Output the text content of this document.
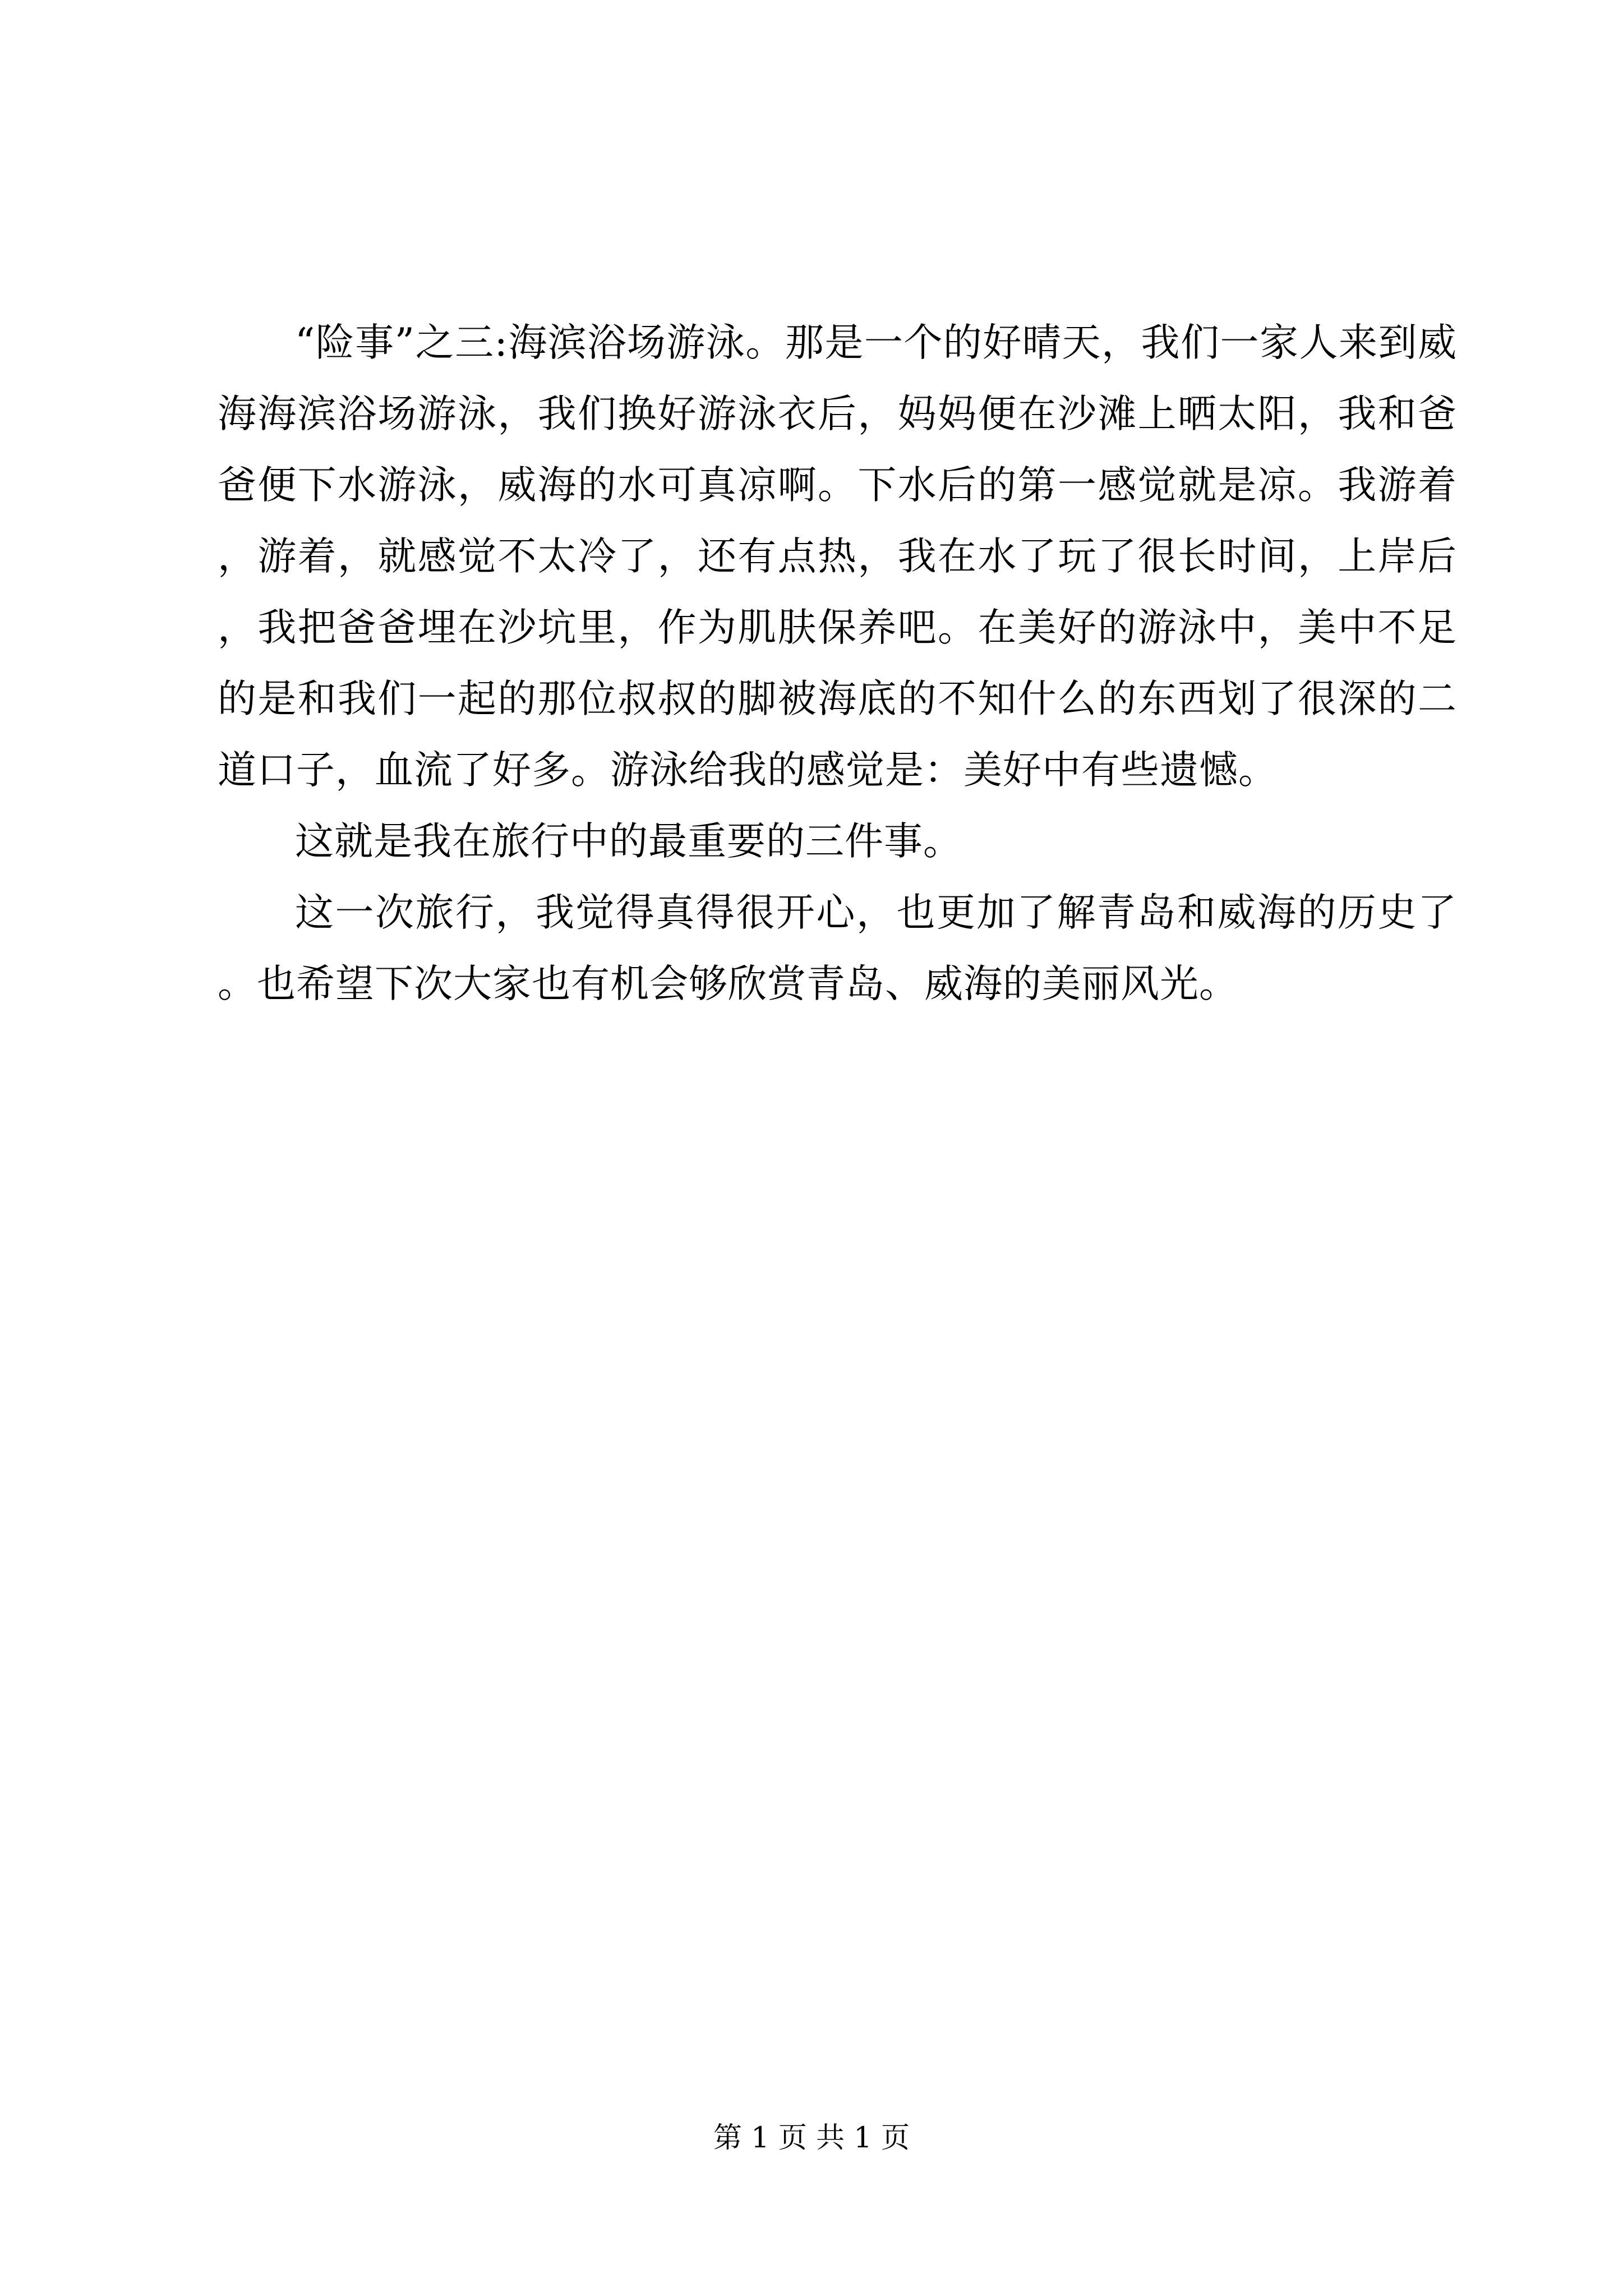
“险事”之三:海滨浴场游泳。那是一个的好晴天，我们一家人来到威海海滨浴场游泳，我们换好游泳衣后，妈妈便在沙滩上晒太阳，我和爸爸便下水游泳，威海的水可真凉啊。下水后的第一感觉就是凉。我游着，游着，就感觉不太冷了，还有点热，我在水了玩了很长时间，上岸后，我把爸爸埋在沙坑里，作为肌肤保养吧。在美好的游泳中，美中不足的是和我们一起的那位叔叔的脚被海底的不知什么的东西划了很深的二道口子，血流了好多。游泳给我的感觉是：美好中有些遗憾。

这就是我在旅行中的最重要的三件事。

这一次旅行，我觉得真得很开心，也更加了解青岛和威海的历史了。也希望下次大家也有机会够欣赏青岛、威海的美丽风光。

第 1 页 共 1 页
